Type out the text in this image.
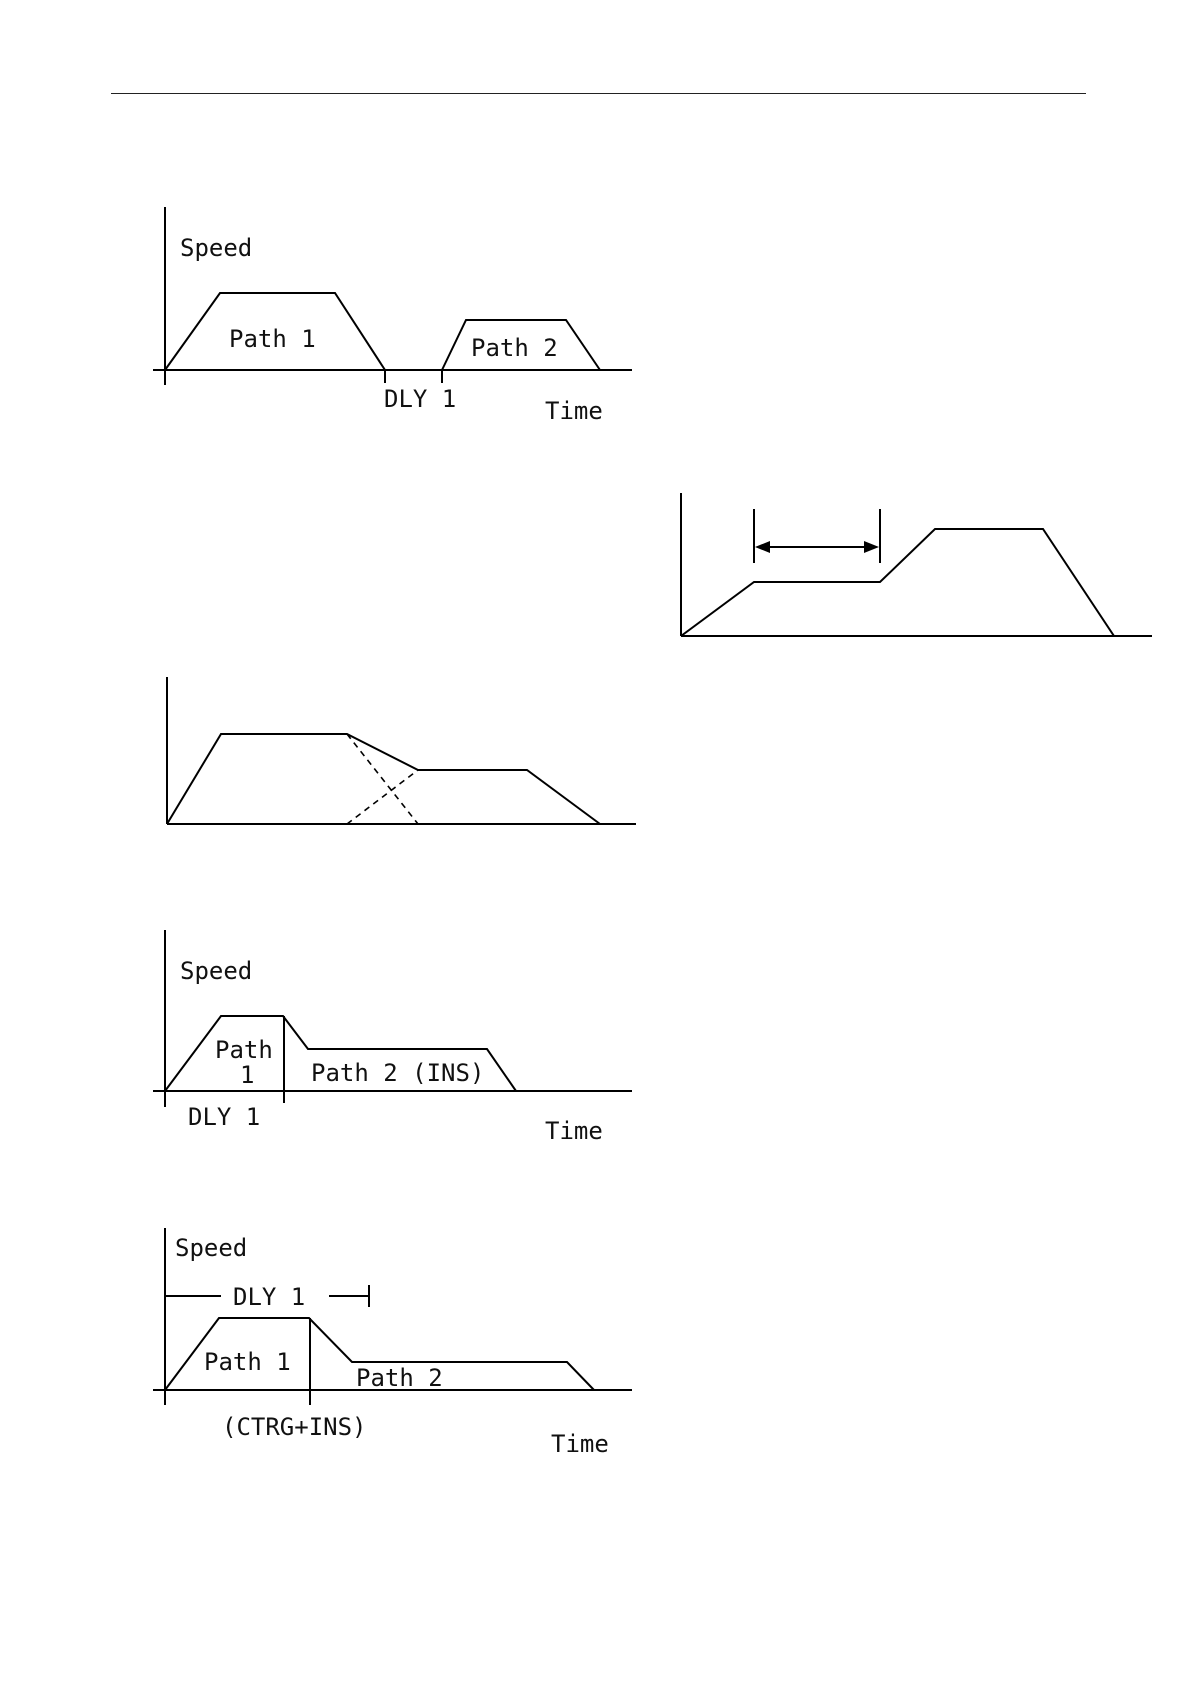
Speed
Path 1	Path 2
DLY 1	Time
Speed
Path
1 Path 2 (INS)
DLY 1	Time
Speed
DLY 1
Path 1
Path 2
(CTRG+INS)
Time
